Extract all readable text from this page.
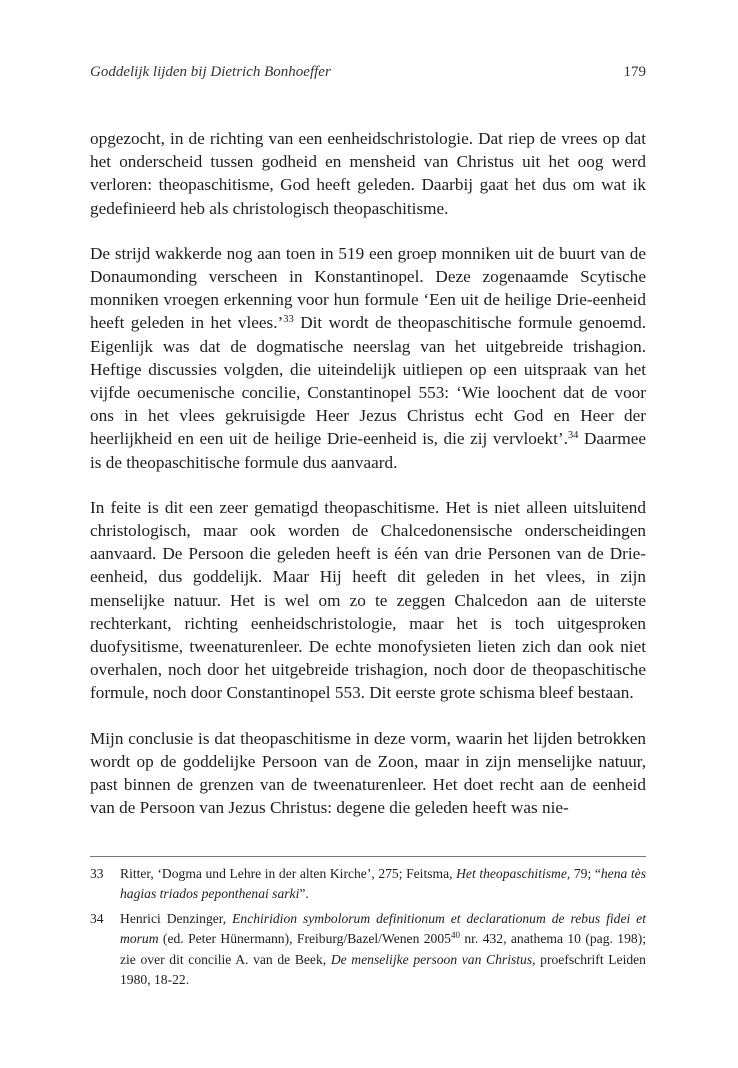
Goddelijk lijden bij Dietrich Bonhoeffer	179

opgezocht, in de richting van een eenheidschristologie. Dat riep de vrees op dat het onderscheid tussen godheid en mensheid van Christus uit het oog werd verloren: theopaschitisme, God heeft geleden. Daarbij gaat het dus om wat ik gedefinieerd heb als christologisch theopaschitisme.

De strijd wakkerde nog aan toen in 519 een groep monniken uit de buurt van de Donaumonding verscheen in Konstantinopel. Deze zogenaamde Scytische monniken vroegen erkenning voor hun formule ‘Een uit de heilige Drie-eenheid heeft geleden in het vlees.’$^{33}$ Dit wordt de theopaschitische formule genoemd. Eigenlijk was dat de dogmatische neerslag van het uitgebreide trishagion. Heftige discussies volgden, die uiteindelijk uitliepen op een uitspraak van het vijfde oecumenische concilie, Constantinopel 553: ‘Wie loochent dat de voor ons in het vlees gekruisigde Heer Jezus Christus echt God en Heer der heerlijkheid en een uit de heilige Drie-eenheid is, die zij vervloekt’.$^{34}$ Daarmee is de theopaschitische formule dus aanvaard.

In feite is dit een zeer gematigd theopaschitisme. Het is niet alleen uitsluitend christologisch, maar ook worden de Chalcedonensische onderscheidingen aanvaard. De Persoon die geleden heeft is één van drie Personen van de Drie-eenheid, dus goddelijk. Maar Hij heeft dit geleden in het vlees, in zijn menselijke natuur. Het is wel om zo te zeggen Chalcedon aan de uiterste rechterkant, richting eenheidschristologie, maar het is toch uitgesproken duofysitisme, tweenaturenleer. De echte monofysieten lieten zich dan ook niet overhalen, noch door het uitgebreide trishagion, noch door de theopaschitische formule, noch door Constantinopel 553. Dit eerste grote schisma bleef bestaan.

Mijn conclusie is dat theopaschitisme in deze vorm, waarin het lijden betrokken wordt op de goddelijke Persoon van de Zoon, maar in zijn menselijke natuur, past binnen de grenzen van de tweenaturenleer. Het doet recht aan de eenheid van de Persoon van Jezus Christus: degene die geleden heeft was nie-

33	Ritter, ‘Dogma und Lehre in der alten Kirche’, 275; Feitsma, Het theopaschitisme, 79; “hena tès hagias triados peponthenai sarki”.
34	Henrici Denzinger, Enchiridion symbolorum definitionum et declarationum de rebus fidei et morum (ed. Peter Hünermann), Freiburg/Bazel/Wenen 2005$^{40}$ nr. 432, anathema 10 (pag. 198); zie over dit concilie A. van de Beek, De menselijke persoon van Christus, proefschrift Leiden 1980, 18-22.
